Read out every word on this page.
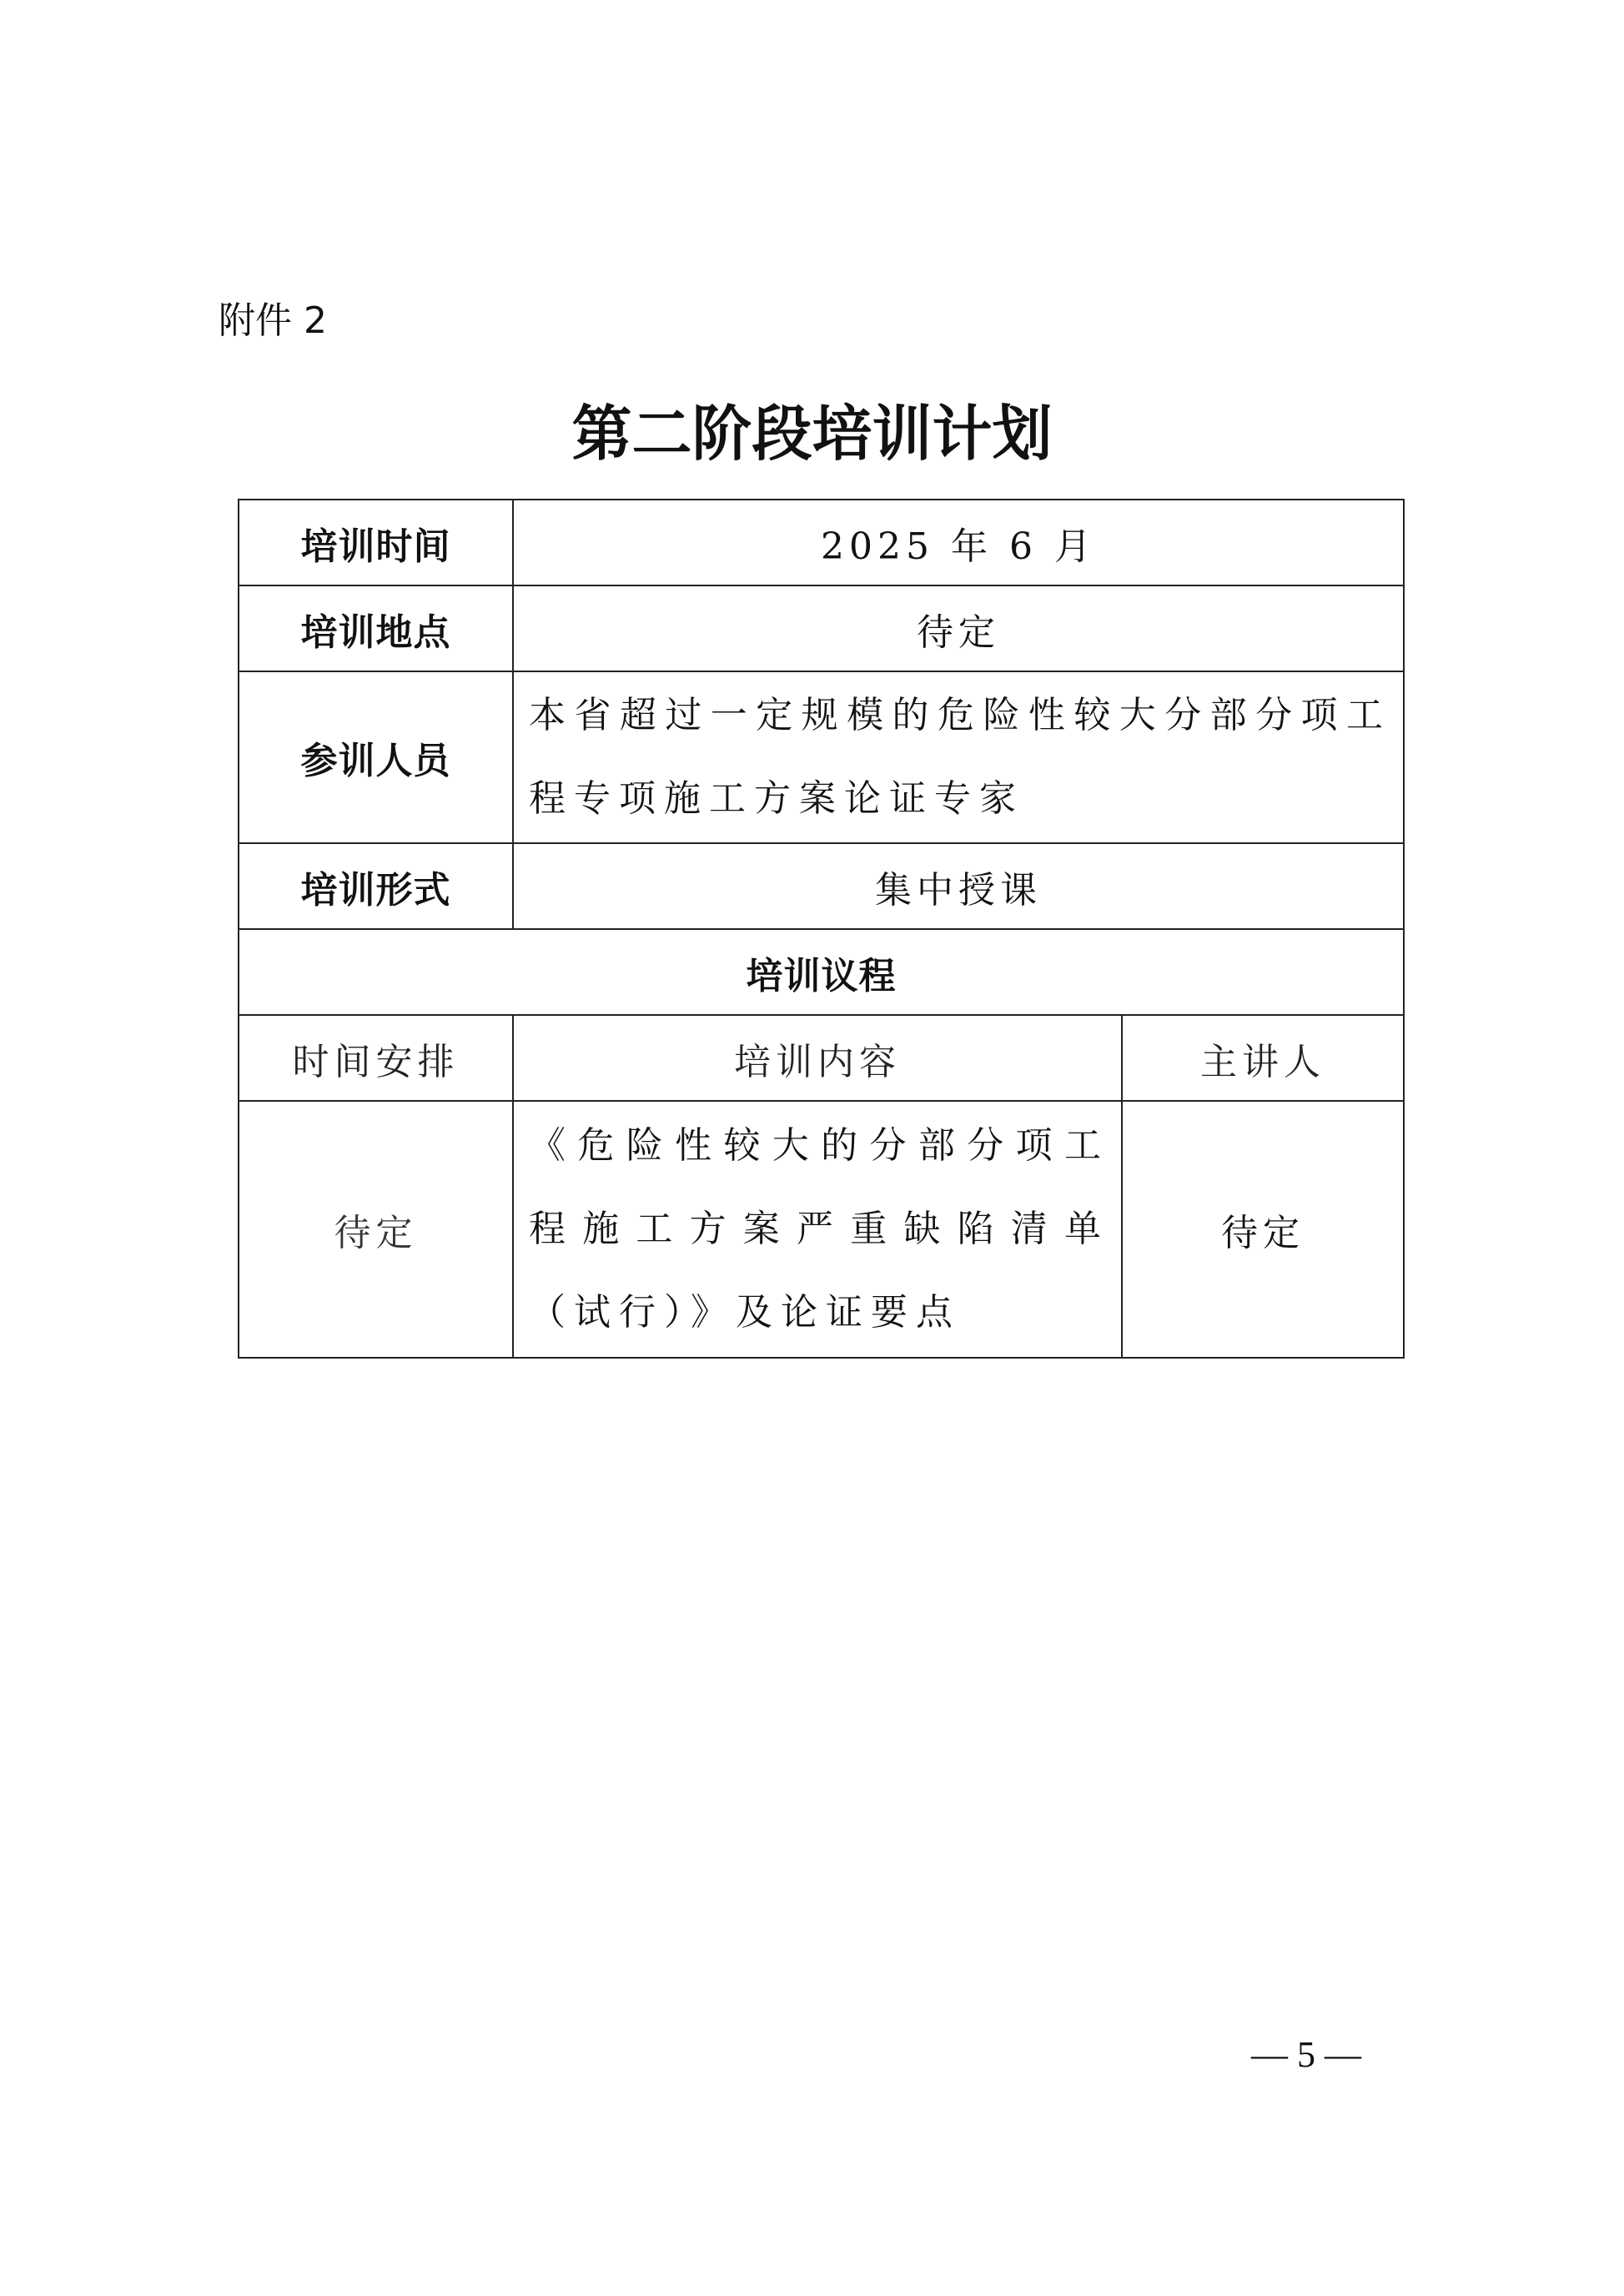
附件 2
第二阶段培训计划
培训时间	2025 年 6 月	
培训地点	待定	
参训人员	本省超过一定规模的危险性较大分部分项工程专项施工方案论证专家	
培训形式	集中授课	
培训议程		
时间安排	培训内容	主讲人
待定	《危险性较大的分部分项工程施工方案严重缺陷清单（试行）》及论证要点	待定
— 5 —
